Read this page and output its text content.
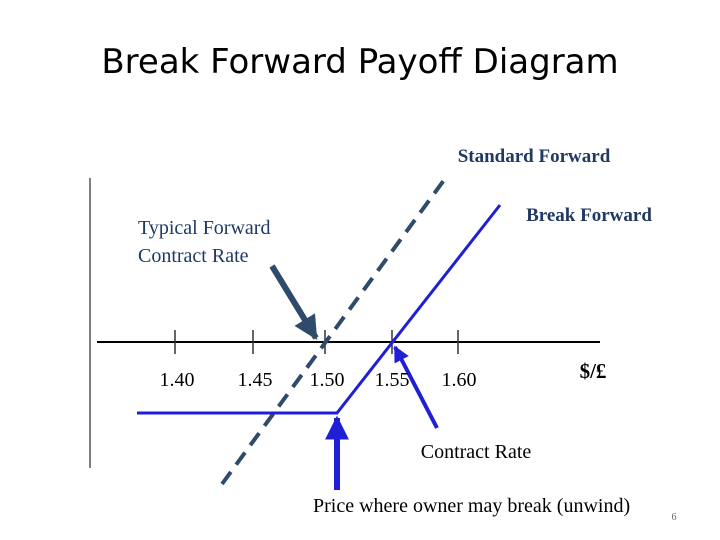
Break Forward Payoff Diagram
1.40 1.45 1.50 1.55 1.60
Standard Forward
Break Forward
Typical Forward
Contract Rate
$/£
Contract Rate
Price where owner may break (unwind)
6
